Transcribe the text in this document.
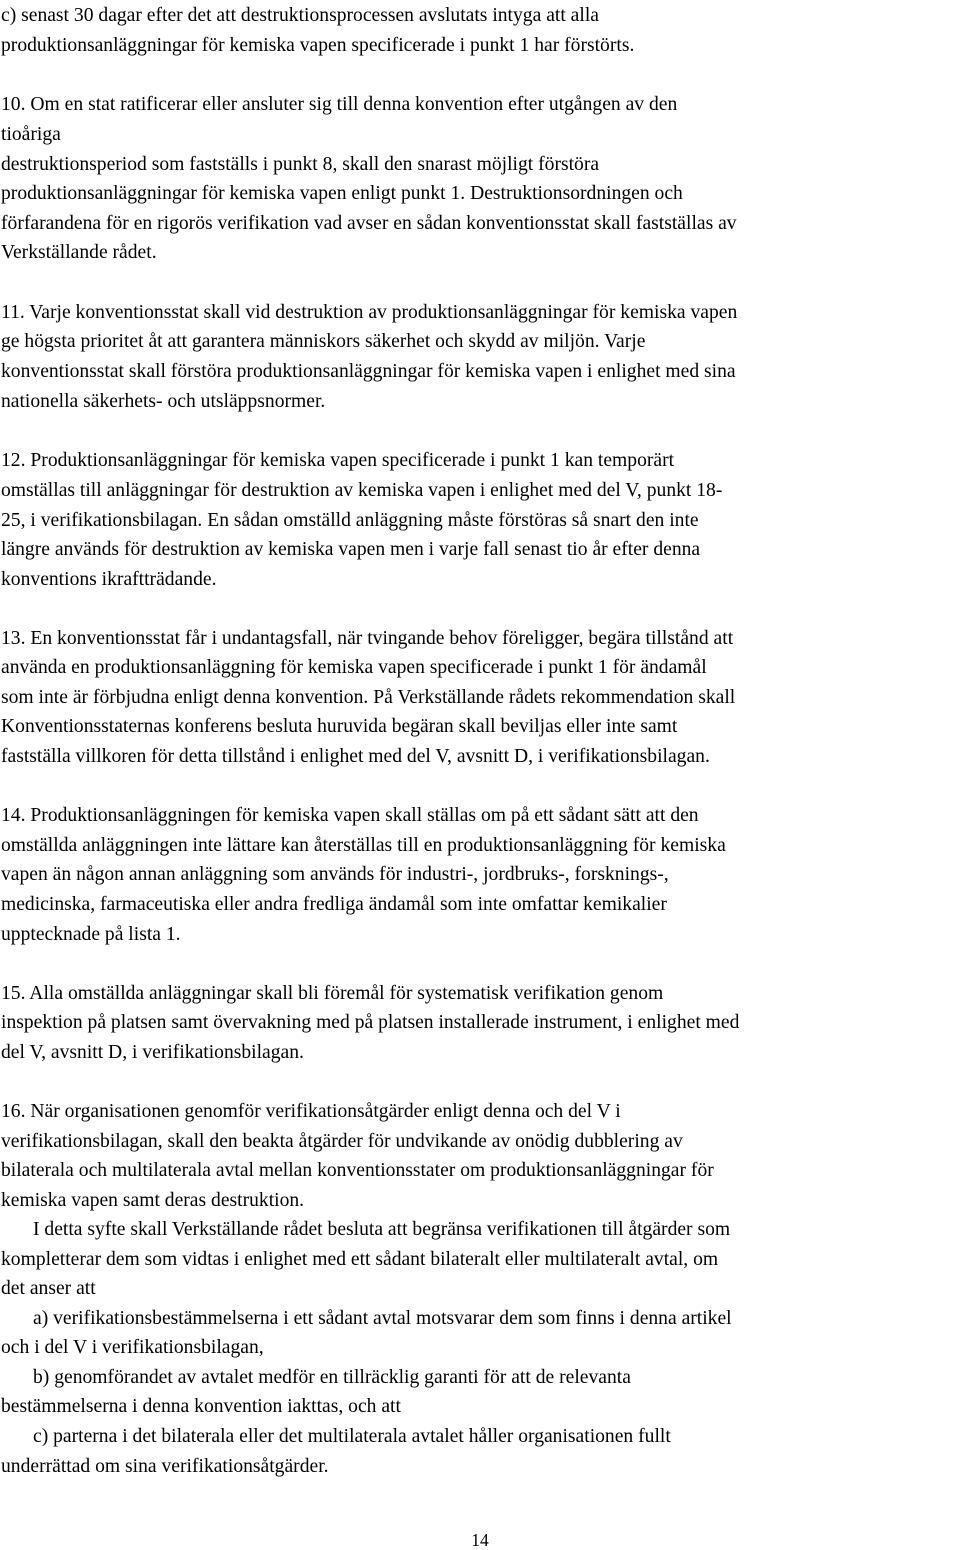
c) senast 30 dagar efter det att destruktionsprocessen avslutats intyga att alla

produktionsanläggningar för kemiska vapen specificerade i punkt 1 har förstörts.

10. Om en stat ratificerar eller ansluter sig till denna konvention efter utgången av den

tioåriga

destruktionsperiod som fastställs i punkt 8, skall den snarast möjligt förstöra

produktionsanläggningar för kemiska vapen enligt punkt 1. Destruktionsordningen och

förfarandena för en rigorös verifikation vad avser en sådan konventionsstat skall fastställas av

Verkställande rådet.

11. Varje konventionsstat skall vid destruktion av produktionsanläggningar för kemiska vapen

ge högsta prioritet åt att garantera människors säkerhet och skydd av miljön. Varje

konventionsstat skall förstöra produktionsanläggningar för kemiska vapen i enlighet med sina

nationella säkerhets- och utsläppsnormer.

12. Produktionsanläggningar för kemiska vapen specificerade i punkt 1 kan temporärt

omställas till anläggningar för destruktion av kemiska vapen i enlighet med del V, punkt 18-

25, i verifikationsbilagan. En sådan omställd anläggning måste förstöras så snart den inte

längre används för destruktion av kemiska vapen men i varje fall senast tio år efter denna

konventions ikraftträdande.

13. En konventionsstat får i undantagsfall, när tvingande behov föreligger, begära tillstånd att

använda en produktionsanläggning för kemiska vapen specificerade i punkt 1 för ändamål

som inte är förbjudna enligt denna konvention. På Verkställande rådets rekommendation skall

Konventionsstaternas konferens besluta huruvida begäran skall beviljas eller inte samt

fastställa villkoren för detta tillstånd i enlighet med del V, avsnitt D, i verifikationsbilagan.

14. Produktionsanläggningen för kemiska vapen skall ställas om på ett sådant sätt att den

omställda anläggningen inte lättare kan återställas till en produktionsanläggning för kemiska

vapen än någon annan anläggning som används för industri-, jordbruks-, forsknings-,

medicinska, farmaceutiska eller andra fredliga ändamål som inte omfattar kemikalier

upptecknade på lista 1.

15. Alla omställda anläggningar skall bli föremål för systematisk verifikation genom

inspektion på platsen samt övervakning med på platsen installerade instrument, i enlighet med

del V, avsnitt D, i verifikationsbilagan.

16. När organisationen genomför verifikationsåtgärder enligt denna och del V i

verifikationsbilagan, skall den beakta åtgärder för undvikande av onödig dubblering av

bilaterala och multilaterala avtal mellan konventionsstater om produktionsanläggningar för

kemiska vapen samt deras destruktion.

I detta syfte skall Verkställande rådet besluta att begränsa verifikationen till åtgärder som

kompletterar dem som vidtas i enlighet med ett sådant bilateralt eller multilateralt avtal, om

det anser att

a) verifikationsbestämmelserna i ett sådant avtal motsvarar dem som finns i denna artikel

och i del V i verifikationsbilagan,

b) genomförandet av avtalet medför en tillräcklig garanti för att de relevanta

bestämmelserna i denna konvention iakttas, och att

c) parterna i det bilaterala eller det multilaterala avtalet håller organisationen fullt

underrättad om sina verifikationsåtgärder.

14
